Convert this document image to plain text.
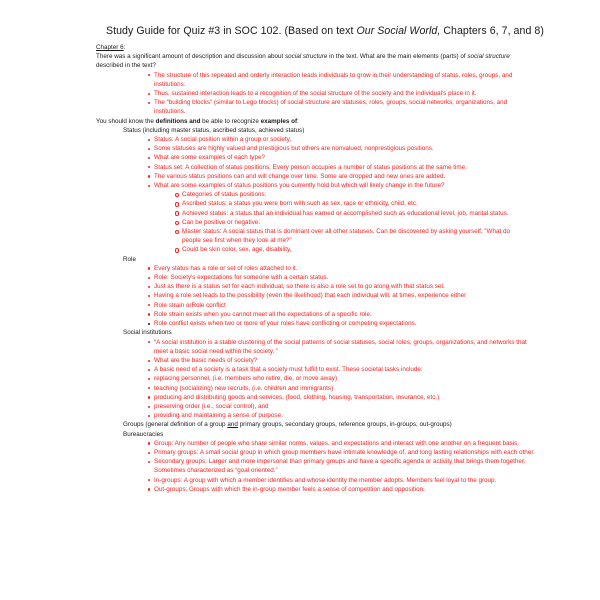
Study Guide for Quiz #3 in SOC 102. (Based on text Our Social World, Chapters 6, 7, and 8)
Chapter 6:
There was a significant amount of description and discussion about social structure in the text. What are the main elements (parts) of social structure described in the text?
The structure of this repeated and orderly interaction leads individuals to grow in their understanding of status, roles, groups, and institutions.
Thus, sustained interaction leads to a recognition of the social structure of the society and the individual's place in it.
The “building blocks” (similar to Lego blocks) of social structure are statuses, roles, groups, social networks, organizations, and institutions.
You should know the definitions and be able to recognize examples of:
Status (including master status, ascribed status, achieved status)
Status: A social position within a group or society.
Some statuses are highly valued and prestigious but others are nonvalued, nonprestigious positions.
What are some examples of each type?
Status set: A collection of status positions. Every person occupies a number of status positions at the same time.
The various status positions can and will change over time. Some are dropped and new ones are added.
What are some examples of status positions you currently hold but which will likely change in the future?
Categories of status positions:
Ascribed status: a status you were born with such as sex, race or ethnicity, child, etc.
Achieved status: a status that an individual has earned or accomplished such as educational level, job, marital status.
Can be positive or negative.
Master status: A social status that is dominant over all other statuses. Can be discovered by asking yourself, “What do people see first when they look at me?”
Could be skin color, sex, age, disability.
Role
Every status has a role or set of roles attached to it.
Role: Society's expectations for someone with a certain status.
Just as there is a status set for each individual, so there is also a role set to go along with that status set.
Having a role set leads to the possibility (even the likelihood) that each individual will, at times, experience either
Role strain orRole conflict
Role strain exists when you cannot meet all the expectations of a specific role.
Role conflict exists when two or more of your roles have conflicting or competing expectations.
Social institutions
“A social institution is a stable clustering of the social patterns of social statuses, social roles, groups, organizations, and networks that meet a basic social need within the society. ”
What are the basic needs of society?
A basic need of a society is a task that a society must fulfill to exist. These societal tasks include:
replacing personnel, (i.e. members who retire, die, or move away)
teaching (socializing) new recruits, (i.e. children and immigrants)
producing and distributing goods and services, (food, clothing, housing, transportation, insurance, etc.)
preserving order (i.e., social control), and
providing and maintaining a sense of purpose.
Groups (general definition of a group and primary groups, secondary groups, reference groups, in-groups, out-groups)
Bureaucracies
Group: Any number of people who share similar norms, values, and expectations and interact with one another on a frequent basis.
Primary groups: A small social group in which group members have intimate knowledge of, and long lasting relationships with each other.
Secondary groups: Larger and more impersonal than primary groups and have a specific agenda or activity that brings them together. Sometimes characterized as “goal oriented.”
In-groups: A group with which a member identifies and whose identity the member adopts. Members feel loyal to the group.
Out-groups: Groups with which the in-group member feels a sense of competition and opposition.
